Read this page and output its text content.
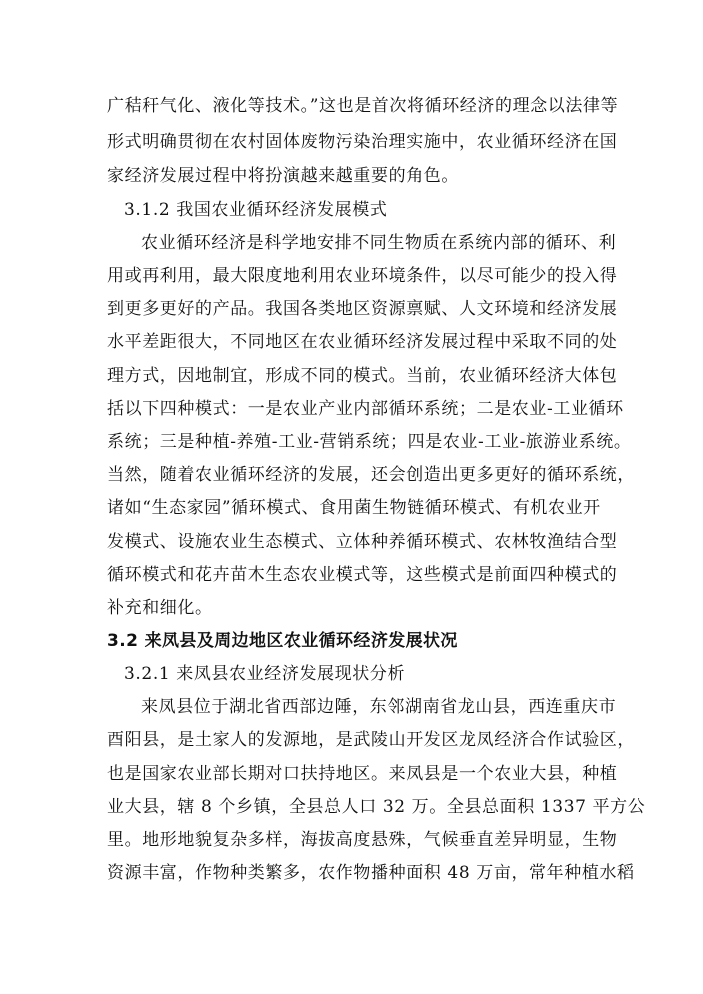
广秸秆气化、液化等技术。”这也是首次将循环经济的理念以法律等
形式明确贯彻在农村固体废物污染治理实施中，农业循环经济在国
家经济发展过程中将扮演越来越重要的角色。
3.1.2 我国农业循环经济发展模式
农业循环经济是科学地安排不同生物质在系统内部的循环、利
用或再利用，最大限度地利用农业环境条件，以尽可能少的投入得
到更多更好的产品。我国各类地区资源禀赋、人文环境和经济发展
水平差距很大，不同地区在农业循环经济发展过程中采取不同的处
理方式，因地制宜，形成不同的模式。当前，农业循环经济大体包
括以下四种模式：一是农业产业内部循环系统；二是农业-工业循环
系统；三是种植-养殖-工业-营销系统；四是农业-工业-旅游业系统。
当然，随着农业循环经济的发展，还会创造出更多更好的循环系统，
诸如“生态家园”循环模式、食用菌生物链循环模式、有机农业开
发模式、设施农业生态模式、立体种养循环模式、农林牧渔结合型
循环模式和花卉苗木生态农业模式等，这些模式是前面四种模式的
补充和细化。
3.2 来凤县及周边地区农业循环经济发展状况
3.2.1 来凤县农业经济发展现状分析
来凤县位于湖北省西部边陲，东邻湖南省龙山县，西连重庆市
酉阳县，是土家人的发源地，是武陵山开发区龙凤经济合作试验区，
也是国家农业部长期对口扶持地区。来凤县是一个农业大县，种植
业大县，辖 8 个乡镇，全县总人口 32 万。全县总面积 1337 平方公
里。地形地貌复杂多样，海拔高度悬殊，气候垂直差异明显，生物
资源丰富，作物种类繁多，农作物播种面积 48 万亩，常年种植水稻
